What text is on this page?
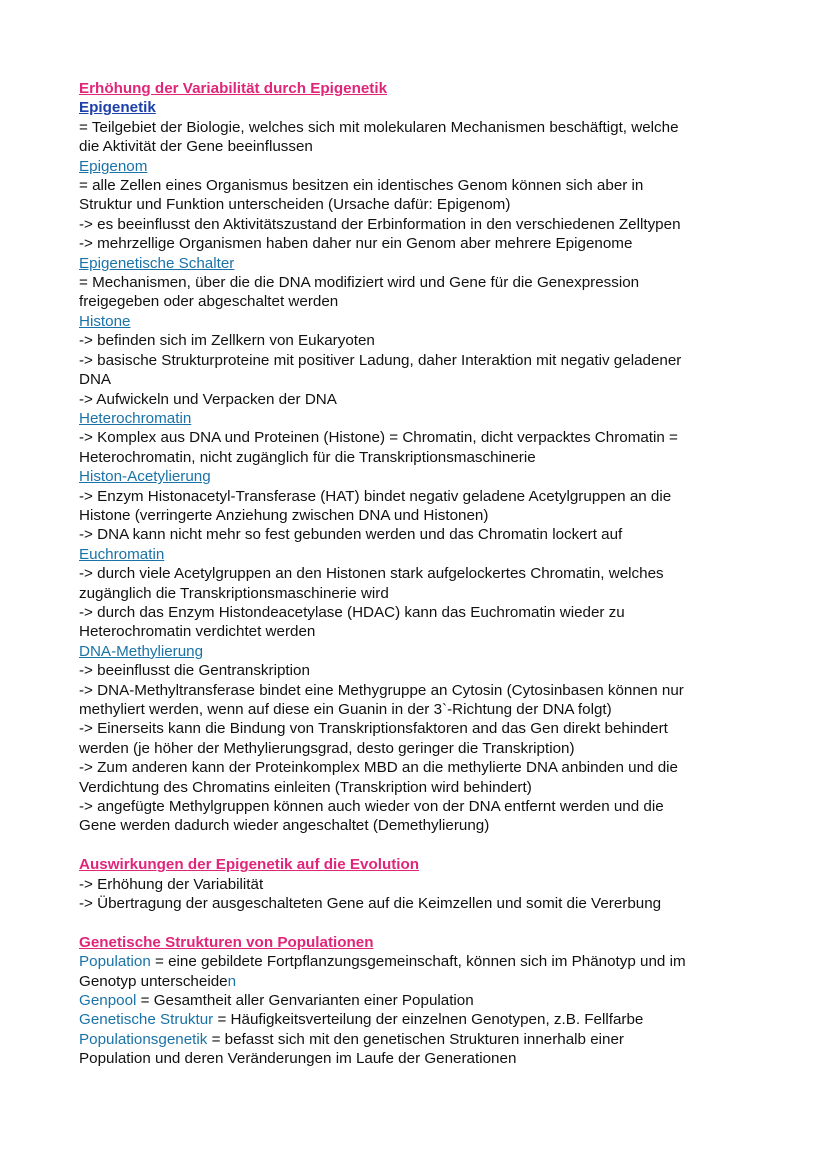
Erhöhung der Variabilität durch Epigenetik
Epigenetik
= Teilgebiet der Biologie, welches sich mit molekularen Mechanismen beschäftigt, welche
die Aktivität der Gene beeinflussen
Epigenom
= alle Zellen eines Organismus besitzen ein identisches Genom können sich aber in
Struktur und Funktion unterscheiden (Ursache dafür: Epigenom)
-> es beeinflusst den Aktivitätszustand der Erbinformation in den verschiedenen Zelltypen
-> mehrzellige Organismen haben daher nur ein Genom aber mehrere Epigenome
Epigenetische Schalter
= Mechanismen, über die die DNA modifiziert wird und Gene für die Genexpression
freigegeben oder abgeschaltet werden
Histone
-> befinden sich im Zellkern von Eukaryoten
-> basische Strukturproteine mit positiver Ladung, daher Interaktion mit negativ geladener
DNA
-> Aufwickeln und Verpacken der DNA
Heterochromatin
-> Komplex aus DNA und Proteinen (Histone) = Chromatin, dicht verpacktes Chromatin =
Heterochromatin, nicht zugänglich für die Transkriptionsmaschinerie
Histon-Acetylierung
-> Enzym Histonacetyl-Transferase (HAT) bindet negativ geladene Acetylgruppen an die
Histone (verringerte Anziehung zwischen DNA und Histonen)
-> DNA kann nicht mehr so fest gebunden werden und das Chromatin lockert auf
Euchromatin
-> durch viele Acetylgruppen an den Histonen stark aufgelockertes Chromatin, welches
zugänglich die Transkriptionsmaschinerie wird
-> durch das Enzym Histondeacetylase (HDAC) kann das Euchromatin wieder zu
Heterochromatin verdichtet werden
DNA-Methylierung
-> beeinflusst die Gentranskription
-> DNA-Methyltransferase bindet eine Methygruppe an Cytosin (Cytosinbasen können nur
methyliert werden, wenn auf diese ein Guanin in der 3`-Richtung der DNA folgt)
-> Einerseits kann die Bindung von Transkriptionsfaktoren and das Gen direkt behindert
werden (je höher der Methylierungsgrad, desto geringer die Transkription)
-> Zum anderen kann der Proteinkomplex MBD an die methylierte DNA anbinden und die
Verdichtung des Chromatins einleiten (Transkription wird behindert)
-> angefügte Methylgruppen können auch wieder von der DNA entfernt werden und die
Gene werden dadurch wieder angeschaltet (Demethylierung)
Auswirkungen der Epigenetik auf die Evolution
-> Erhöhung der Variabilität
-> Übertragung der ausgeschalteten Gene auf die Keimzellen und somit die Vererbung
Genetische Strukturen von Populationen
Population = eine gebildete Fortpflanzungsgemeinschaft, können sich im Phänotyp und im
Genotyp unterscheiden
Genpool = Gesamtheit aller Genvarianten einer Population
Genetische Struktur = Häufigkeitsverteilung der einzelnen Genotypen, z.B. Fellfarbe
Populationsgenetik = befasst sich mit den genetischen Strukturen innerhalb einer
Population und deren Veränderungen im Laufe der Generationen
